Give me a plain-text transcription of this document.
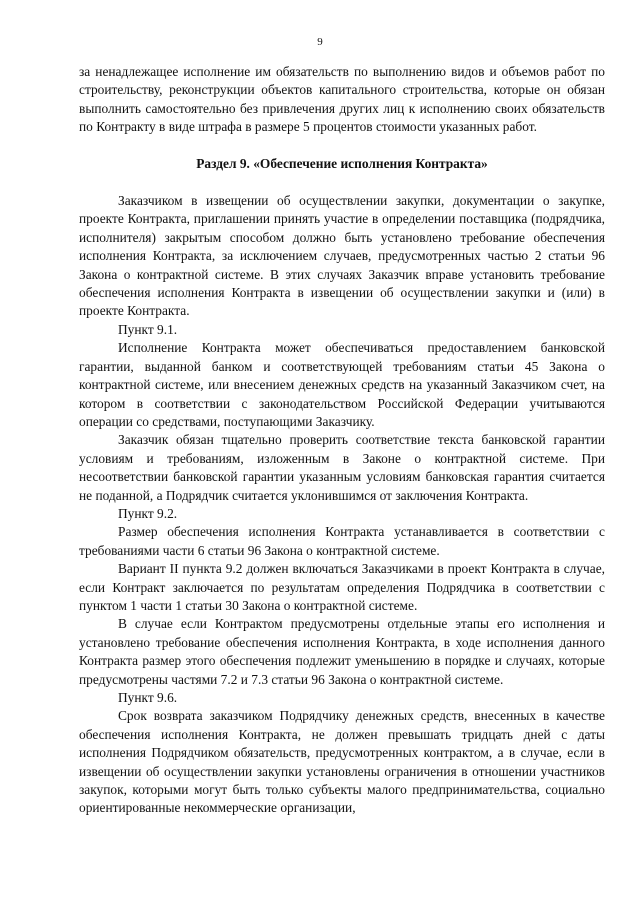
9

за ненадлежащее исполнение им обязательств по выполнению видов и объемов работ по строительству, реконструкции объектов капитального строительства, которые он обязан выполнить самостоятельно без привлечения других лиц к исполнению своих обязательств по Контракту в виде штрафа в размере 5 процентов стоимости указанных работ.

Раздел 9. «Обеспечение исполнения Контракта»

Заказчиком в извещении об осуществлении закупки, документации о закупке, проекте Контракта, приглашении принять участие в определении поставщика (подрядчика, исполнителя) закрытым способом должно быть установлено требование обеспечения исполнения Контракта, за исключением случаев, предусмотренных частью 2 статьи 96 Закона о контрактной системе. В этих случаях Заказчик вправе установить требование обеспечения исполнения Контракта в извещении об осуществлении закупки и (или) в проекте Контракта.

Пункт 9.1.

Исполнение Контракта может обеспечиваться предоставлением банковской гарантии, выданной банком и соответствующей требованиям статьи 45 Закона о контрактной системе, или внесением денежных средств на указанный Заказчиком счет, на котором в соответствии с законодательством Российской Федерации учитываются операции со средствами, поступающими Заказчику.

Заказчик обязан тщательно проверить соответствие текста банковской гарантии условиям и требованиям, изложенным в Законе о контрактной системе. При несоответствии банковской гарантии указанным условиям банковская гарантия считается не поданной, а Подрядчик считается уклонившимся от заключения Контракта.

Пункт 9.2.

Размер обеспечения исполнения Контракта устанавливается в соответствии с требованиями части 6 статьи 96 Закона о контрактной системе.

Вариант II пункта 9.2 должен включаться Заказчиками в проект Контракта в случае, если Контракт заключается по результатам определения Подрядчика в соответствии с пунктом 1 части 1 статьи 30 Закона о контрактной системе.

В случае если Контрактом предусмотрены отдельные этапы его исполнения и установлено требование обеспечения исполнения Контракта, в ходе исполнения данного Контракта размер этого обеспечения подлежит уменьшению в порядке и случаях, которые предусмотрены частями 7.2 и 7.3 статьи 96 Закона о контрактной системе.

Пункт 9.6.

Срок возврата заказчиком Подрядчику денежных средств, внесенных в качестве обеспечения исполнения Контракта, не должен превышать тридцать дней с даты исполнения Подрядчиком обязательств, предусмотренных контрактом, а в случае, если в извещении об осуществлении закупки установлены ограничения в отношении участников закупок, которыми могут быть только субъекты малого предпринимательства, социально ориентированные некоммерческие организации,
